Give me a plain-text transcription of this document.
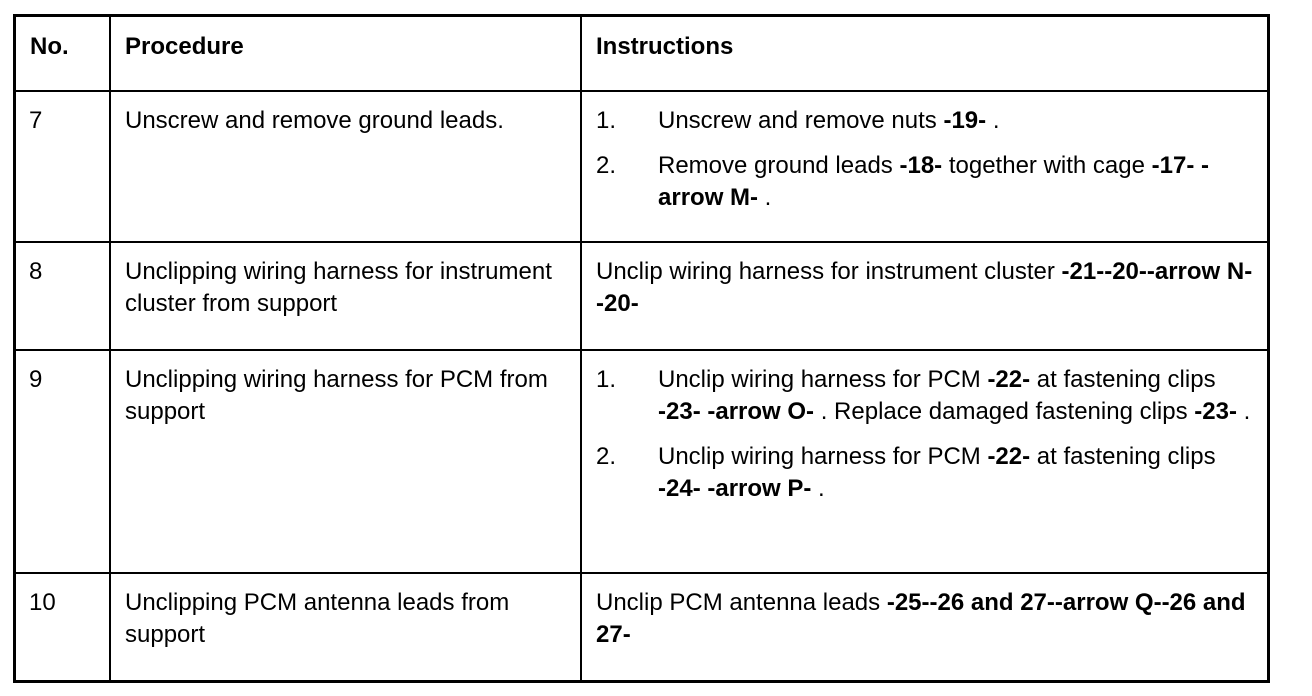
No.	Procedure	Instructions
7	Unscrew and remove ground leads.	1. Unscrew and remove nuts -19- .
2. Remove ground leads -18- together with cage -17- -arrow M- .

8	Unclipping wiring harness for instrument cluster from support	Unclip wiring harness for instrument cluster -21--20--arrow N--20-
9	Unclipping wiring harness for PCM from support	1. Unclip wiring harness for PCM -22- at fastening clips -23- -arrow O- . Replace damaged fastening clips -23- .
2. Unclip wiring harness for PCM -22- at fastening clips -24- -arrow P- .

10	Unclipping PCM antenna leads from support	Unclip PCM antenna leads -25--26 and 27--arrow Q--26 and 27-
